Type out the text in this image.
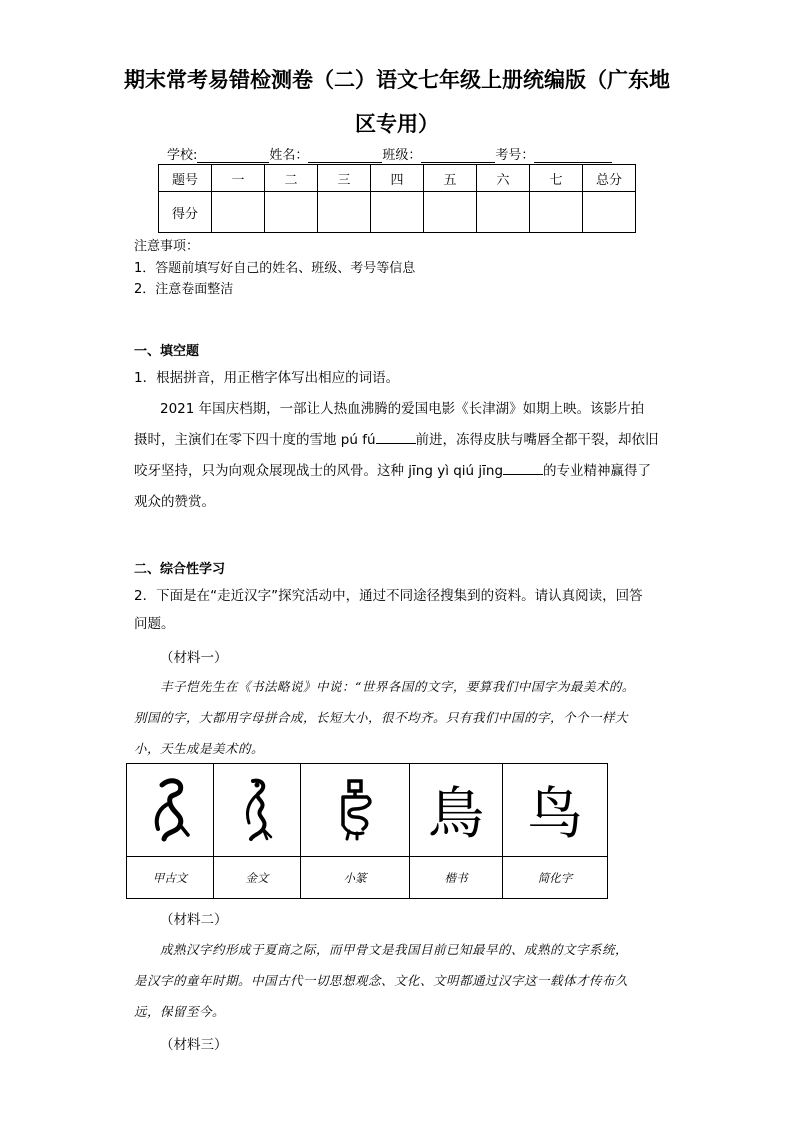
期末常考易错检测卷（二）语文七年级上册统编版（广东地
区专用）
学校:	姓名：	班级：	考号：
题号	一	二	三	四	五	六	七	总分
得分								
注意事项：
1．答题前填写好自己的姓名、班级、考号等信息
2．注意卷面整洁
一、填空题
1．根据拼音，用正楷字体写出相应的词语。
2021 年国庆档期，一部让人热血沸腾的爱国电影《长津湖》如期上映。该影片拍
摄时，主演们在零下四十度的雪地 pú fú	前进，冻得皮肤与嘴唇全都干裂，却依旧
咬牙坚持，只为向观众展现战士的风骨。这种 jīng yì qiú jīng	的专业精神赢得了
观众的赞赏。
二、综合性学习
2．下面是在“走近汉字”探究活动中，通过不同途径搜集到的资料。请认真阅读，回答
问题。
（材料一）
丰子恺先生在《书法略说》中说：“世界各国的文字，要算我们中国字为最美术的。
别国的字，大都用字母拼合成，长短大小，很不均齐。只有我们中国的字，个个一样大
小，天生成是美术的。
			鳥	鸟
甲古文	金文	小篆	楷书	简化字
（材料二）
成熟汉字约形成于夏商之际，而甲骨文是我国目前已知最早的、成熟的文字系统，
是汉字的童年时期。中国古代一切思想观念、文化、文明都通过汉字这一载体才传布久
远，保留至今。
（材料三）
